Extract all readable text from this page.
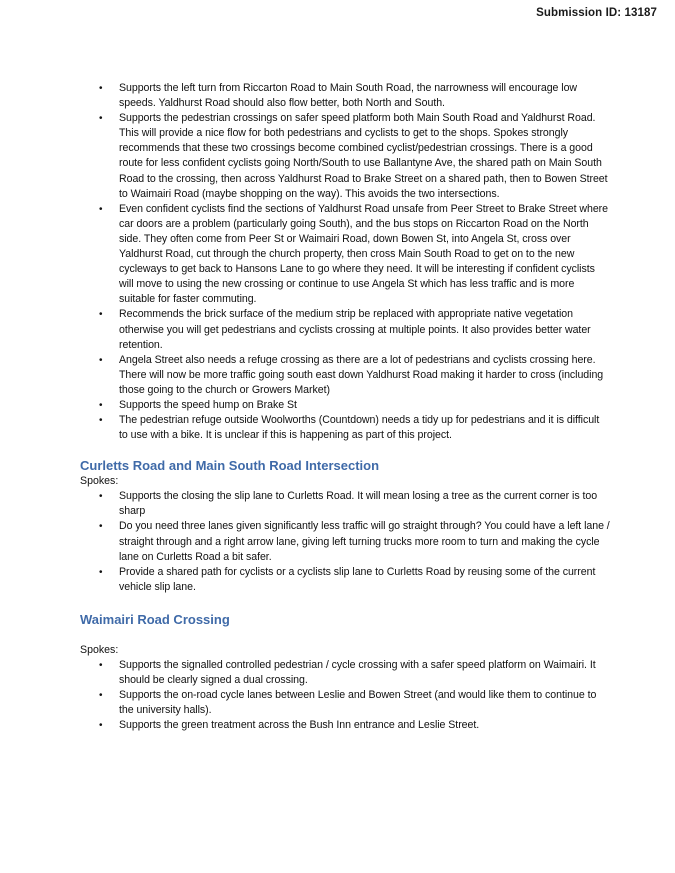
Submission ID: 13187
• Supports the left turn from Riccarton Road to Main South Road, the narrowness will encourage low speeds. Yaldhurst Road should also flow better, both North and South.
• Supports the pedestrian crossings on safer speed platform both Main South Road and Yaldhurst Road. This will provide a nice flow for both pedestrians and cyclists to get to the shops. Spokes strongly recommends that these two crossings become combined cyclist/pedestrian crossings. There is a good route for less confident cyclists going North/South to use Ballantyne Ave, the shared path on Main South Road to the crossing, then across Yaldhurst Road to Brake Street on a shared path, then to Bowen Street to Waimairi Road (maybe shopping on the way). This avoids the two intersections.
• Even confident cyclists find the sections of Yaldhurst Road unsafe from Peer Street to Brake Street where car doors are a problem (particularly going South), and the bus stops on Riccarton Road on the North side. They often come from Peer St or Waimairi Road, down Bowen St, into Angela St, cross over Yaldhurst Road, cut through the church property, then cross Main South Road to get on to the new cycleways to get back to Hansons Lane to go where they need. It will be interesting if confident cyclists will move to using the new crossing or continue to use Angela St which has less traffic and is more suitable for faster commuting.
• Recommends the brick surface of the medium strip be replaced with appropriate native vegetation otherwise you will get pedestrians and cyclists crossing at multiple points. It also provides better water retention.
• Angela Street also needs a refuge crossing as there are a lot of pedestrians and cyclists crossing here. There will now be more traffic going south east down Yaldhurst Road making it harder to cross (including those going to the church or Growers Market)
• Supports the speed hump on Brake St
• The pedestrian refuge outside Woolworths (Countdown) needs a tidy up for pedestrians and it is difficult to use with a bike. It is unclear if this is happening as part of this project.
Curletts Road and Main South Road Intersection

Spokes:

• Supports the closing the slip lane to Curletts Road. It will mean losing a tree as the current corner is too sharp
• Do you need three lanes given significantly less traffic will go straight through? You could have a left lane / straight through and a right arrow lane, giving left turning trucks more room to turn and making the cycle lane on Curletts Road a bit safer.
• Provide a shared path for cyclists or a cyclists slip lane to Curletts Road by reusing some of the current vehicle slip lane.
Waimairi Road Crossing

Spokes:

• Supports the signalled controlled pedestrian / cycle crossing with a safer speed platform on Waimairi. It should be clearly signed a dual crossing.
• Supports the on-road cycle lanes between Leslie and Bowen Street (and would like them to continue to the university halls).
• Supports the green treatment across the Bush Inn entrance and Leslie Street.
